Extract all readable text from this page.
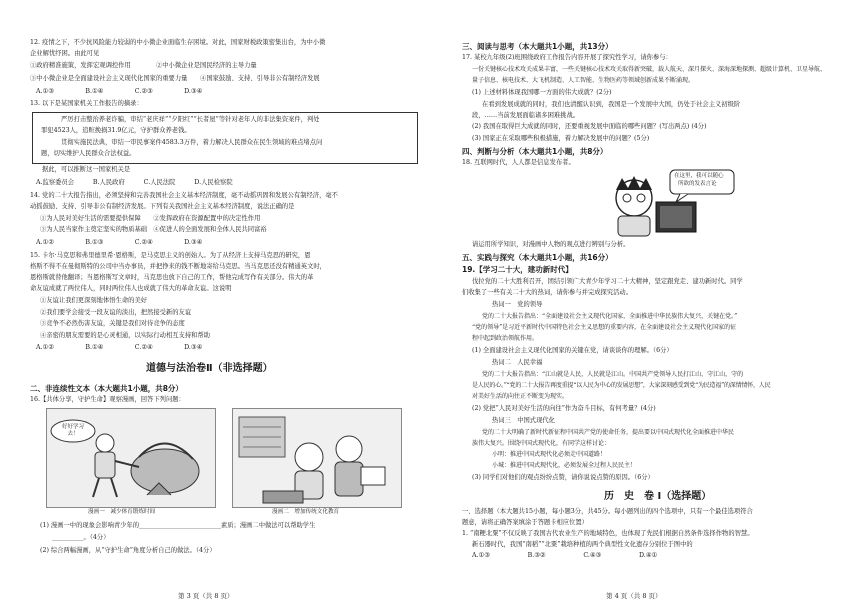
12. 疫情之下，不少抗风险能力较弱的中小微企业面临生存困境。对此，国家财税政策密集出台，为中小微
企业解忧纾困。由此可见
①政府精准施策，发挥宏观调控作用　　　　②中小微企业是国民经济的主导力量
③中小微企业是全面建设社会主义现代化国家的重要力量　　④国家鼓励、支持、引导非公有制经济发展
A.①③　　　　　B.①④　　　　　C.②③　　　　　D.③④
13. 以下是某国家机关工作报告的摘录：
严厉打击整治养老诈骗，审结“老庆祥”“夕阳红”“长者屋”等针对老年人的非法集资案件，判处
罪犯4523人，追赃挽损31.9亿元，守护群众养老钱。
贯彻实施民法典，审结一审民事案件4583.3万件，着力解决人民群众在民生领域的难点堵点问
题，切实维护人民群众合法权益。
据此，可以推断这一国家机关是
A.监察委员会　　　B.人民政府　　　C.人民法院　　　D.人民检察院
14. 党的二十大报告指出，必须坚持和完善我国社会主义基本经济制度，毫不动摇巩固和发展公有制经济，毫不
动摇鼓励、支持、引导非公有制经济发展。下列有关我国社会主义基本经济制度，说法正确的是
①为人民对美好生活的需要提供保障　　②发挥政府在资源配置中的决定性作用
③为人民当家作主奠定坚实的物质基础　④促进人的全面发展和全体人民共同富裕
A.①②　　　　　B.①③　　　　　C.②④　　　　　D.③④
15. 卡尔·马克思和弗里德里希·恩格斯，是马克思主义的创始人。为了从经济上支持马克思的研究，恩
格斯不得不在曼彻斯特的公司中当办事员，并把挣来的钱不断地寄给马克思。当马克思还没有精通英文时，
恩格斯就替他翻译；当恩格斯写文章时，马克思也放下自己的工作，帮他完成写作有关部分。伟大的革
命友谊成就了两位伟人，同时两位伟人也成就了伟大的革命友谊。这说明
①友谊让我们更深刻地体悟生命的美好
②我们要学会接受一段友谊的淡出，把然接受新的友谊
③竞争不必然伤害友谊，关键是我们对待竞争的态度
④亲密的朋友需要的是心灵相通，以实际行动相互支持和帮助
A.①②　　　　　B.①④　　　　　C.②④　　　　　D.③④
道德与法治卷Ⅱ（非选择题）
二、非连续性文本（本大题共1小题，共8分）
16.【共体分享，守护生命】观察漫画，回答下列问题：
好好学习去！
漫画一　减少体育锻炼时间	漫画二　增加传统文化教育
(1) 漫画一中的现象会影响青少年的__________________________素质；漫画二中做法可以帮助学生
__________。（4分）
(2) 综合两幅漫画，从“守护生命”角度分析自己的做法。（4分）
第 3 页（共 8 页）
三、阅读与思考（本大题共1小题，共13分）
17. 某校九年级(2)班围绕政府工作报告内容开展了探究性学习，请你参与：
一份关键核心技术攻关成果丰富，一些关键核心技术攻关取得新突破，载人航天、深月探火、深海深地探测、超级计算机、卫星导航、
量子信息、核电技术、大飞机制造、人工智能、生物医药等领域创新成果不断涌现。
(1) 上述材料体现我国哪一方面的伟大成就？(2分)
在看到发展成就的同时，我们也清醒认识到，我国是一个发展中大国，仍处于社会主义初级阶
段，……当前发展面临诸多困难挑战。
(2) 我国在取得巨大成就的同时，还要重视发展中面临的哪些问题？(写出两点) (4分)
(3) 国家正在采取哪些积极措施，着力解决发展中的问题？(5分)
四、判断与分析（本大题共1小题，共8分）
18. 互联网时代，人人都是信息发布者。
在这里，我可以随心
所欲的发表言论
请运用所学知识，对漫画中人物的观点进行辨别与分析。
五、实践与探究（本大题共1小题，共16分）
19.【学习二十大，建功新时代】
伐拉党的二十大胜利召开，团结引领广大青少年学习二十大精神，坚定跟党走、建功新时代。同学
们收集了一些有关二十大的热词，请你参与并完成探究活动。
热词一　党的领导
党的二十大报告指出：“全面建设社会主义现代化国家，全面推进中华民族伟大复兴，关键在党。”
“党的领导”是习近平新时代中国特色社会主义思想的重要内容，在全面建设社会主义现代化国家的征
程中起到政治领航作用。
(1) 全面建设社会主义现代化国家的关键在党，请谈谈你的理解。（6分）
热词二　人民幸福
党的二十大报告指出：“江山就是人民，人民就是江山。中国共产党领导人民打江山、守江山，守的
是人民的心。”“党的二十大报告再度重提“以人民为中心的发展思想”，大家深刻感受到党“为民造福”的深情情怀，人民
对美好生活的向往正不断变为现实。
(2) 党把“人民对美好生活的向往”作为奋斗目标，有何考量？(4分)
热词三　中国式现代化
党的二十大明确了新时代新征程中国共产党的使命任务，提出要以中国式现代化全面推进中华民
族伟大复兴。围绕中国式现代化，有同学这样讨论：
小明：推进中国式现代化必须走中国道路！
小城：推进中国式现代化，必须发展全过程人民民主！
(3) 同学们对他们的观点纷纷点赞，请你说说点赞的原因。（6分）
历　史　卷 I（选择题）
一、选择题（本大题共15小题，每小题3分，共45分。每小题列出的四个选项中，只有一个最佳选项符合
题意，请将正确答案填涂于答题卡相应位置）
1. “南粳北粟”不仅反映了我国古代农业生产的地域特色，也体现了先民们根据自然条件选择作物的智慧。
新石器时代，我国“南稻”“北粟”栽培种植的两个典型性文化遗存分别位于图中的
A.①③　　　　　　B.③②　　　　　　C.④③　　　　　　D.④①
第 4 页（共 8 页）
